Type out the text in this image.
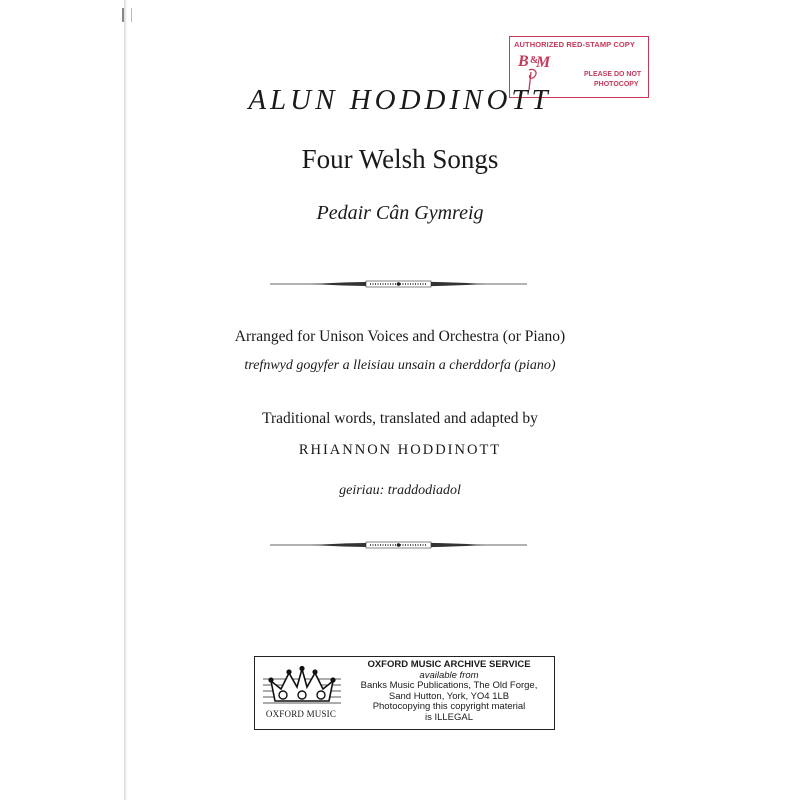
AUTHORIZED RED-STAMP COPY
B &
M
PLEASE DO NOT
PHOTOCOPY
ALUN HODDINOTT
Four Welsh Songs
Pedair Cân Gymreig
Arranged for Unison Voices and Orchestra (or Piano)
trefnwyd gogyfer a lleisiau unsain a cherddorfa (piano)
Traditional words, translated and adapted by
RHIANNON HODDINOTT
geiriau: traddodiadol
OXFORD MUSIC
OXFORD MUSIC ARCHIVE SERVICE
available from
Banks Music Publications, The Old Forge,
Sand Hutton, York, YO4 1LB
Photocopying this copyright material
is ILLEGAL
